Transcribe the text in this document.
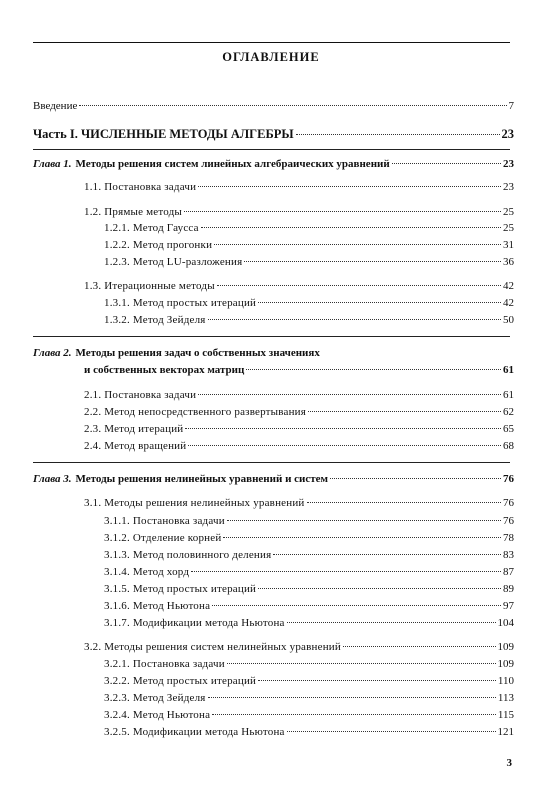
ОГЛАВЛЕНИЕ
Введение	7
Часть I. ЧИСЛЕННЫЕ МЕТОДЫ АЛГЕБРЫ	23
Глава 1. Методы решения систем линейных алгебраических уравнений	23
1.1. Постановка задачи	23
1.2. Прямые методы	25
1.2.1. Метод Гаусса	25
1.2.2. Метод прогонки	31
1.2.3. Метод LU-разложения	36
1.3. Итерационные методы	42
1.3.1. Метод простых итераций	42
1.3.2. Метод Зейделя	50
Глава 2. Методы решения задач о собственных значениях
и собственных векторах матриц	61
2.1. Постановка задачи	61
2.2. Метод непосредственного развертывания	62
2.3. Метод итераций	65
2.4. Метод вращений	68
Глава 3. Методы решения нелинейных уравнений и систем	76
3.1. Методы решения нелинейных уравнений	76
3.1.1. Постановка задачи	76
3.1.2. Отделение корней	78
3.1.3. Метод половинного деления	83
3.1.4. Метод хорд	87
3.1.5. Метод простых итераций	89
3.1.6. Метод Ньютона	97
3.1.7. Модификации метода Ньютона	104
3.2. Методы решения систем нелинейных уравнений	109
3.2.1. Постановка задачи	109
3.2.2. Метод простых итераций	110
3.2.3. Метод Зейделя	113
3.2.4. Метод Ньютона	115
3.2.5. Модификации метода Ньютона	121
3
